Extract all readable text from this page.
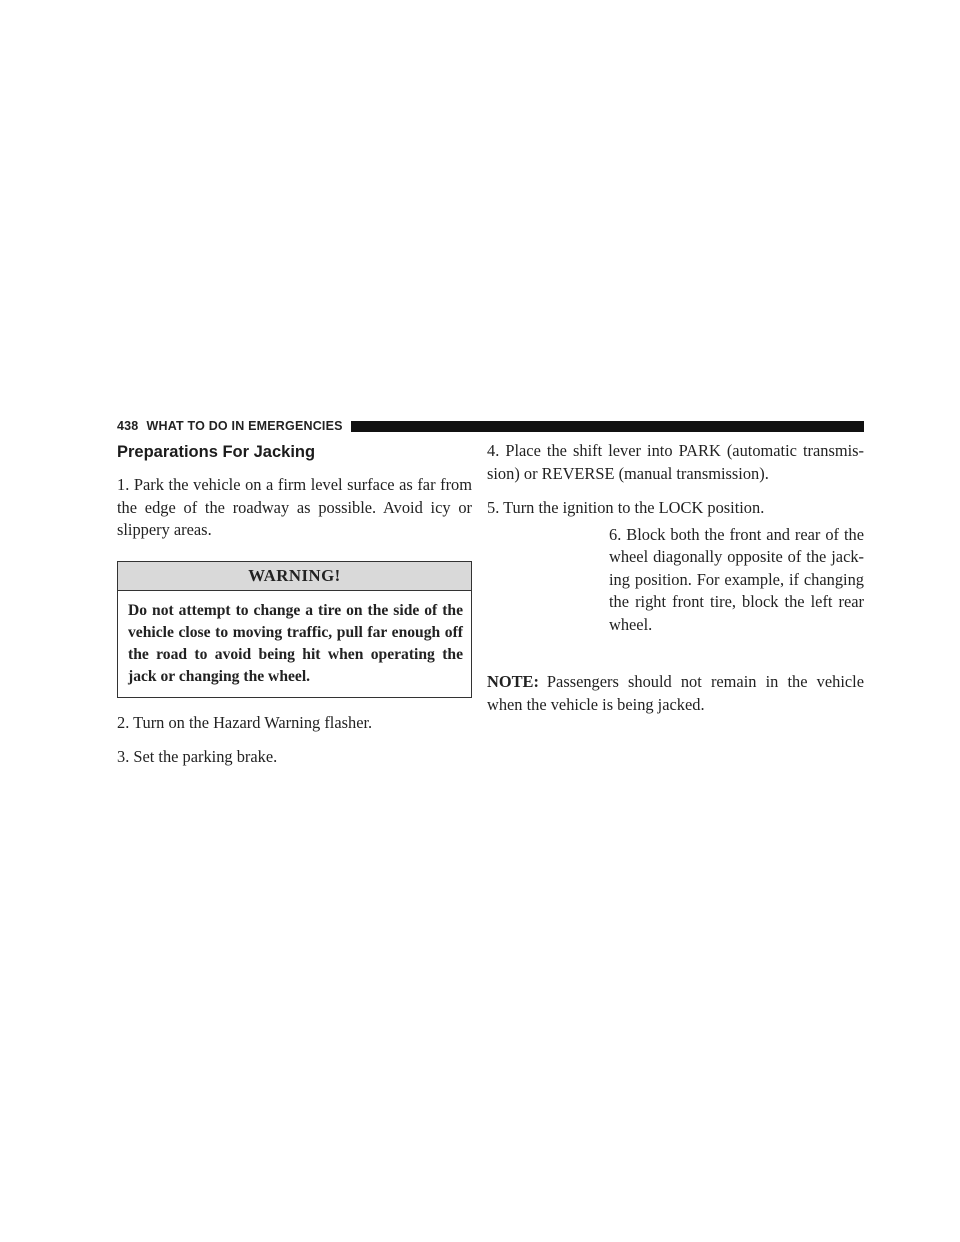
438 WHAT TO DO IN EMERGENCIES
Preparations For Jacking

1. Park the vehicle on a firm level surface as far from the edge of the roadway as possible. Avoid icy or slippery areas.

WARNING!
Do not attempt to change a tire on the side of the vehicle close to moving traffic, pull far enough off the road to avoid being hit when operating the jack or changing the wheel.

2. Turn on the Hazard Warning flasher.

3. Set the parking brake.

4. Place the shift lever into PARK (automatic transmis-sion) or REVERSE (manual transmission).

5. Turn the ignition to the LOCK position.

6. Block both the front and rear of the wheel diagonally opposite of the jack-ing position. For example, if changing the right front tire, block the left rear wheel.

NOTE: Passengers should not remain in the vehicle when the vehicle is being jacked.
